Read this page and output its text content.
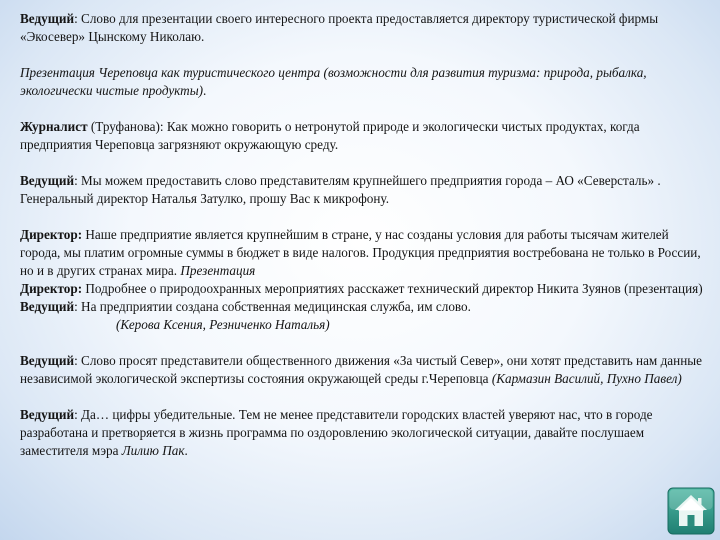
Ведущий: Слово для презентации своего интересного проекта предоставляется директору туристической фирмы «Экосевер» Цынскому Николаю.
Презентация Череповца как туристического центра (возможности для развития туризма: природа, рыбалка, экологически чистые продукты).
Журналист (Труфанова): Как можно говорить о нетронутой природе и экологически чистых продуктах, когда предприятия Череповца загрязняют окружающую среду.
Ведущий: Мы можем предоставить слово представителям крупнейшего предприятия города – АО «Северсталь» . Генеральный директор Наталья Затулко, прошу Вас к микрофону.
Директор: Наше предприятие является крупнейшим в стране, у нас созданы условия для работы тысячам жителей города, мы платим огромные суммы в бюджет в виде налогов. Продукция предприятия востребована не только в России, но и в других странах мира. Презентация
Директор: Подробнее о природоохранных мероприятиях расскажет технический директор Никита Зуянов (презентация)
Ведущий: На предприятии создана собственная медицинская служба, им слово.
(Керова Ксения, Резниченко Наталья)
Ведущий: Слово просят представители общественного движения «За чистый Север», они хотят представить нам данные независимой экологической экспертизы состояния окружающей среды г.Череповца (Кармазин Василий, Пухно Павел)
Ведущий: Да… цифры убедительные. Тем не менее представители городских властей уверяют нас, что в городе разработана и претворяется в жизнь программа по оздоровлению экологической ситуации, давайте послушаем заместителя мэра Лилию Пак.
